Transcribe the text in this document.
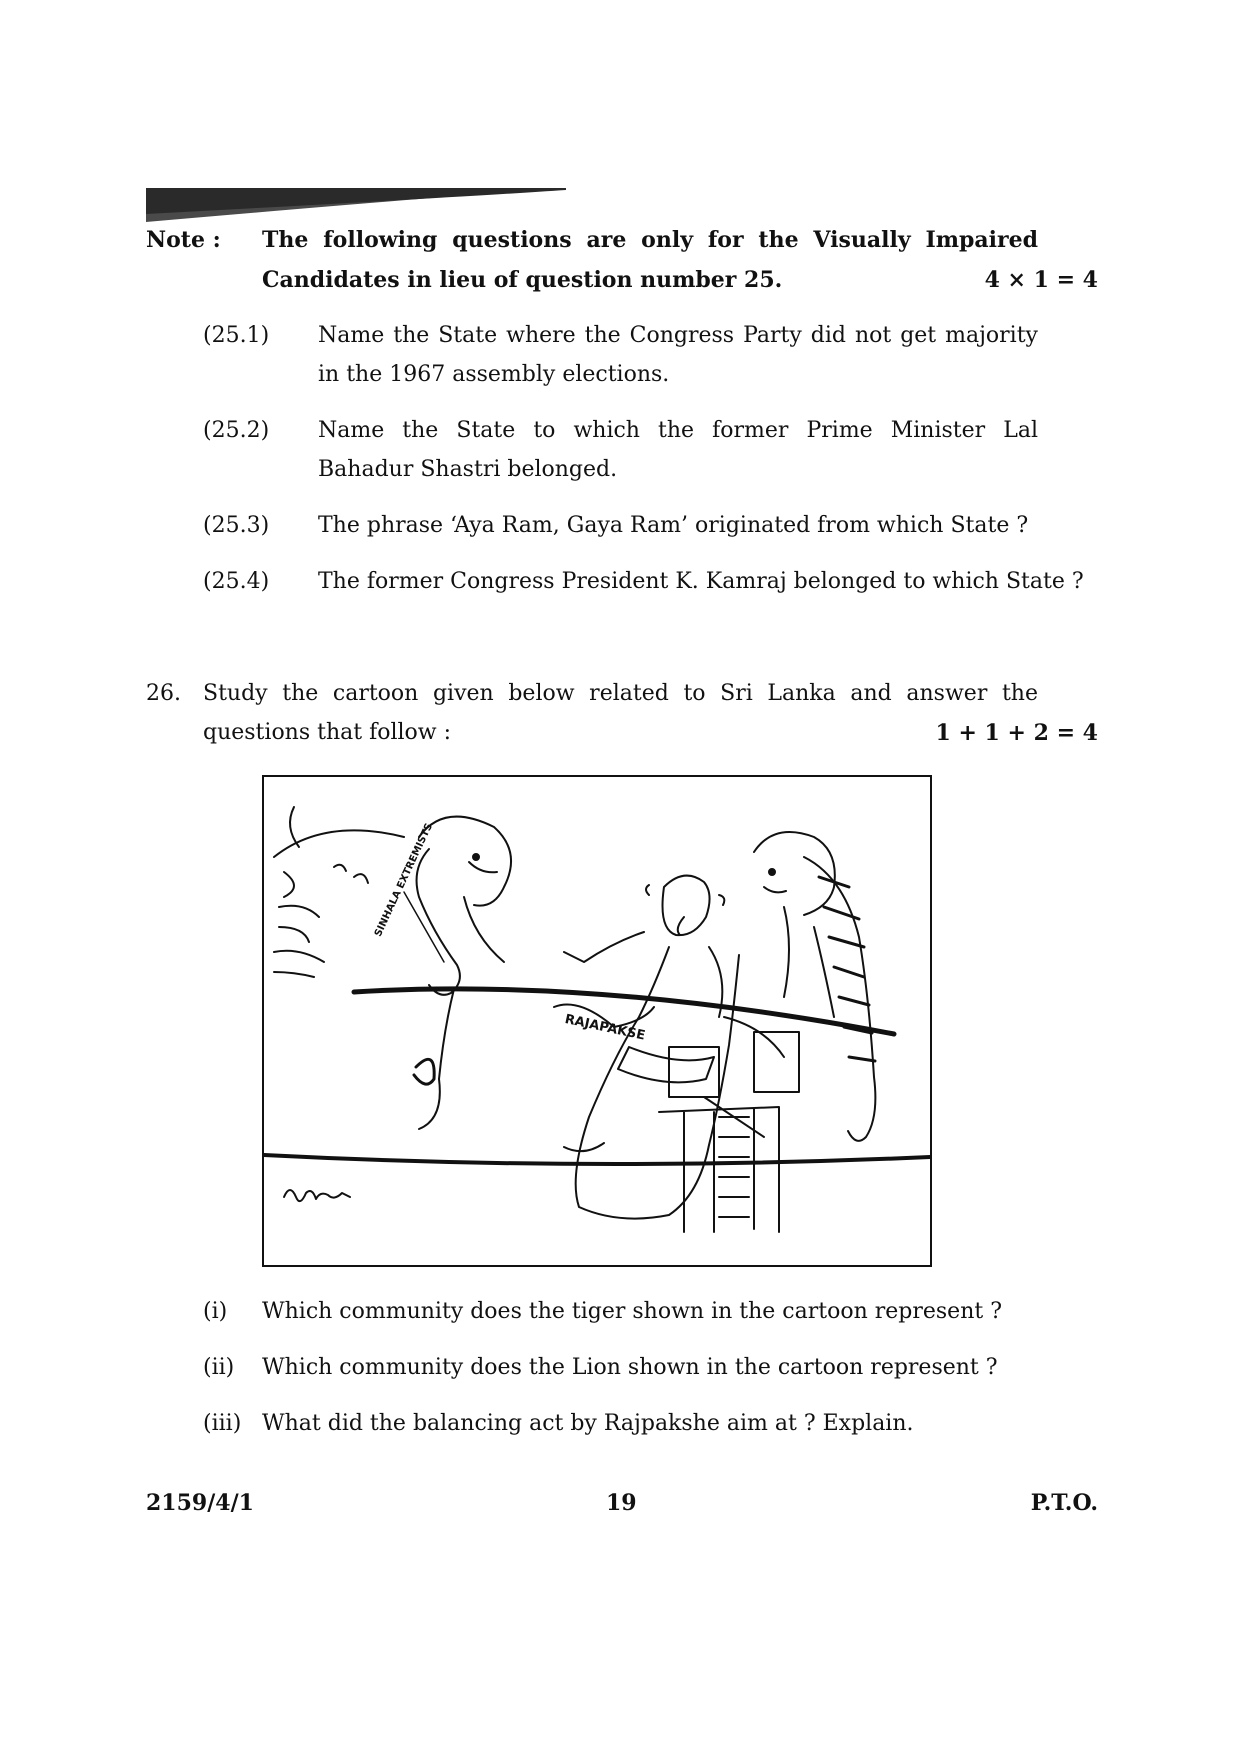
Note : The following questions are only for the Visually Impaired
Candidates in lieu of question number 25.	4 × 1 = 4
(25.1) Name the State where the Congress Party did not get majority
in the 1967 assembly elections.
(25.2) Name the State to which the former Prime Minister Lal
Bahadur Shastri belonged.
(25.3) The phrase ‘Aya Ram, Gaya Ram’ originated from which State ?
(25.4) The former Congress President K. Kamraj belonged to which State ?
26. Study the cartoon given below related to Sri Lanka and answer the
questions that follow :	1 + 1 + 2 = 4
RAJAPAKSE
SINHALA EXTREMISTS
(i) Which community does the tiger shown in the cartoon represent ?
(ii) Which community does the Lion shown in the cartoon represent ?
(iii) What did the balancing act by Rajpakshe aim at ? Explain.
2159/4/1	19	P.T.O.
